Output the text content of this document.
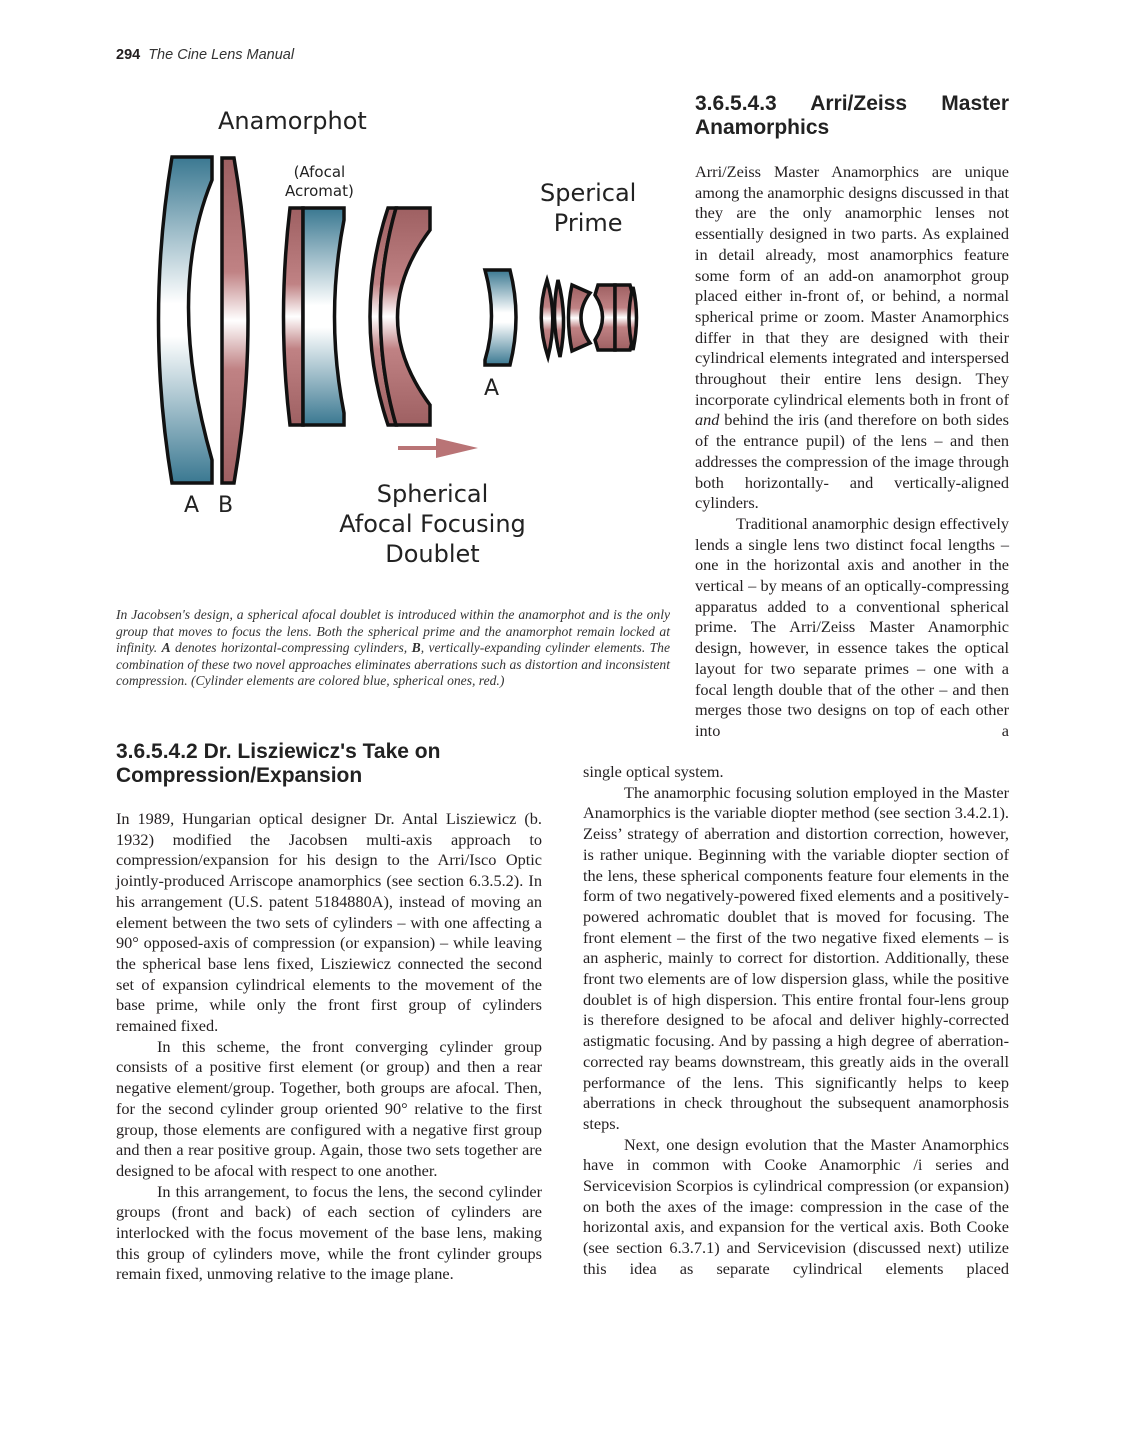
294 The Cine Lens Manual
Anamorphot
(Afocal
Acromat)	Sperical
Prime
A B
A
Spherical
Afocal Focusing
Doublet
In Jacobsen's design, a spherical afocal doublet is introduced within the anamorphot and is the only group that moves to focus the lens. Both the spherical prime and the anamorphot remain locked at infinity. A denotes horizontal-compressing cylinders, B, vertically-expanding cylinder elements. The combination of these two novel approaches eliminates aberrations such as distortion and inconsistent compression. (Cylinder elements are colored blue, spherical ones, red.)
3.6.5.4.2 Dr. Lisziewicz's Take on Compression/Expansion

In 1989, Hungarian optical designer Dr. Antal Lisziewicz (b. 1932) modified the Jacobsen multi-axis approach to compression/expansion for his design to the Arri/Isco Optic jointly-produced Arriscope anamorphics (see section 6.3.5.2). In his arrangement (U.S. patent 5184880A), instead of moving an element between the two sets of cylinders – with one affecting a 90° opposed-axis of compression (or expansion) – while leaving the spherical base lens fixed, Lisziewicz connected the second set of expansion cylindrical elements to the movement of the base prime, while only the front first group of cylinders remained fixed.

In this scheme, the front converging cylinder group consists of a positive first element (or group) and then a rear negative element/group. Together, both groups are afocal. Then, for the second cylinder group oriented 90° relative to the first group, those elements are configured with a negative first group and then a rear positive group. Again, those two sets together are designed to be afocal with respect to one another.

In this arrangement, to focus the lens, the second cylinder groups (front and back) of each section of cylinders are interlocked with the focus movement of the base lens, making this group of cylinders move, while the front cylinder groups remain fixed, unmoving relative to the image plane.

3.6.5.4.3 Arri/Zeiss Master
Anamorphics

Arri/Zeiss Master Anamorphics are unique among the anamorphic designs discussed in that they are the only anamorphic lenses not essentially designed in two parts. As explained in detail already, most anamorphics feature some form of an add-on anamorphot group placed either in-front of, or behind, a normal spherical prime or zoom. Master Anamorphics differ in that they are designed with their cylindrical elements integrated and interspersed throughout their entire lens design. They incorporate cylindrical elements both in front of and behind the iris (and therefore on both sides of the entrance pupil) of the lens – and then addresses the compression of the image through both horizontally- and vertically-aligned cylinders.

Traditional anamorphic design effectively lends a single lens two distinct focal lengths – one in the horizontal axis and another in the vertical – by means of an optically-compressing apparatus added to a conventional spherical prime. The Arri/Zeiss Master Anamorphic design, however, in essence takes the optical layout for two separate primes – one with a focal length double that of the other – and then merges those two designs on top of each other into a

single optical system.

The anamorphic focusing solution employed in the Master Anamorphics is the variable diopter method (see section 3.4.2.1). Zeiss’ strategy of aberration and distortion correction, however, is rather unique. Beginning with the variable diopter section of the lens, these spherical components feature four elements in the form of two negatively-powered fixed elements and a positively-powered achromatic doublet that is moved for focusing. The front element – the first of the two negative fixed elements – is an aspheric, mainly to correct for distortion. Additionally, these front two elements are of low dispersion glass, while the positive doublet is of high dispersion. This entire frontal four-lens group is therefore designed to be afocal and deliver highly-corrected astigmatic focusing. And by passing a high degree of aberration-corrected ray beams downstream, this greatly aids in the overall performance of the lens. This significantly helps to keep aberrations in check throughout the subsequent anamorphosis steps.

Next, one design evolution that the Master Anamorphics have in common with Cooke Anamorphic /i series and Servicevision Scorpios is cylindrical compression (or expansion) on both the axes of the image: compression in the case of the horizontal axis, and expansion for the vertical axis. Both Cooke (see section 6.3.7.1) and Servicevision (discussed next) utilize this idea as separate cylindrical elements placed
